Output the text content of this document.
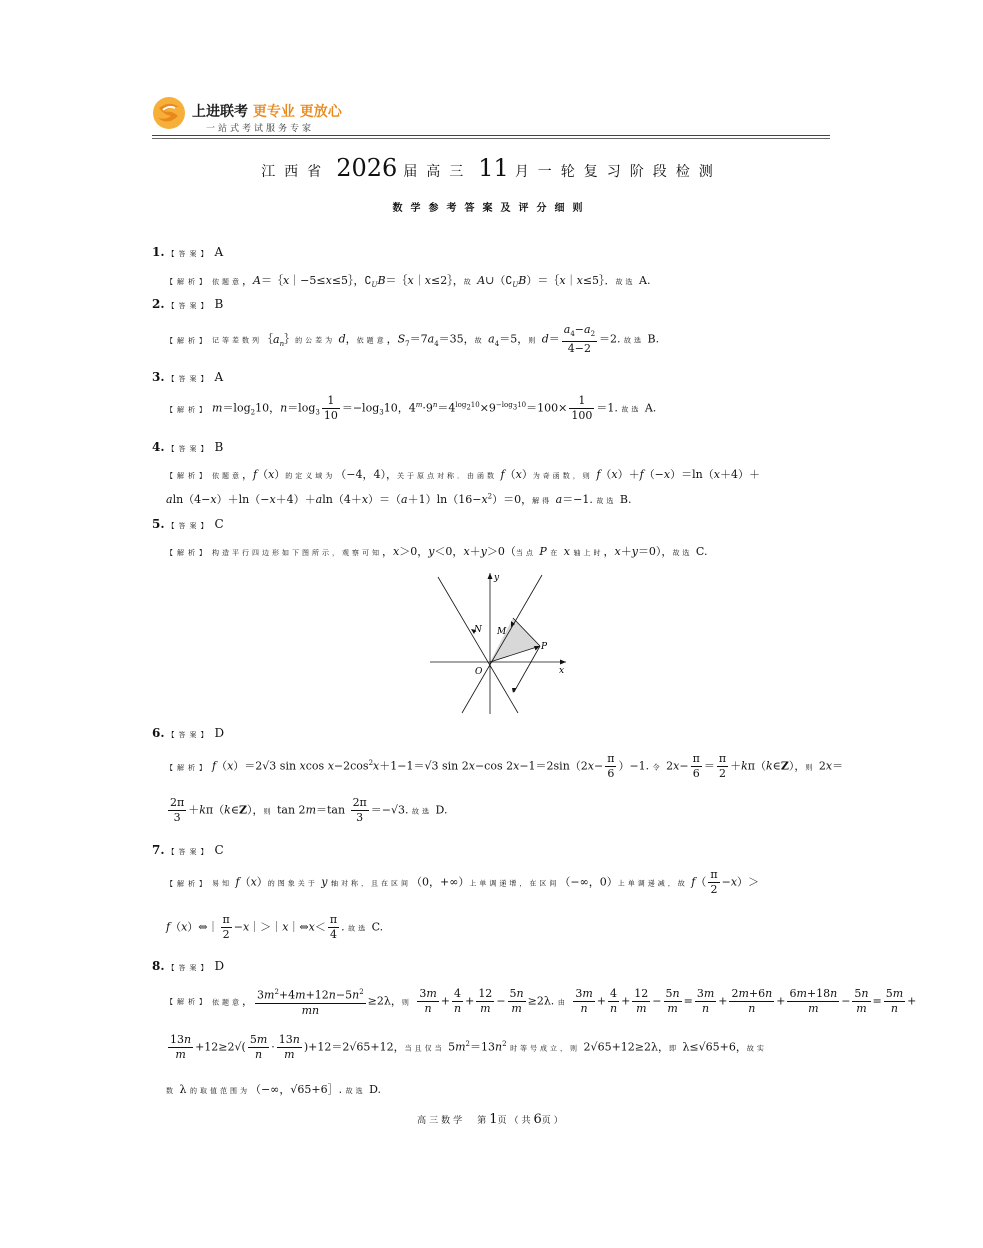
上进联考 更专业 更放心
一站式考试服务专家
江西省 2026 届高三 11 月一轮复习阶段检测
数学参考答案及评分细则
1. 【答案】 A
【解析】 依题意，A＝｛x｜−5≤x≤5｝，$∁_UB=\{x|x\le 2\}$，故 $A\cup(∁_UB)=\{x|x\le 5\}$．故选 A.
2. 【答案】 B
【解析】 记等差数列$\{a_n\}$的公差为 d，依题意，$S_7=7a_4=35$，故 $a_4=5$，则 $d= \frac{a_4-a_2}{4-2} =2$. 故选 B.
3. 【答案】 A
【解析】 $m=\log_210$，$n=\log_3 \frac{1}{10} =-\log_310$，$4^m\cdot 9^n=4^{log_210}\times 9^{-log_310}=100\times \frac{1}{100} =1$. 故选 A.
4. 【答案】 B
【解析】 依题意，f（x）的定义域为（−4，4），关于原点对称．由函数 f（x）为奇函数，则 f（x）＋f（−x）＝ln（x＋4）＋
$aln(4-x)+\ln(-x+4)+aln(4+x)=(a+1)\ln(16-x^2)=0$，解得 a＝−1. 故选 B.
5. 【答案】 C
【解析】 构造平行四边形如下图所示，观察可知，x＞0，y＜0，x＋y＞0（当点 P 在 x 轴上时，x＋y＝0），故选 C.
y
x
O
N M
P
6. 【答案】 D
【解析】 f（x）＝2√3 sin xcos $x-2\cos^2x+1-1=√3$ sin 2x−cos $2x-1=2\sin(2x- \frac{\pi}{6} )-1$. 令 $2x- \frac{\pi}{6} = \frac{\pi}{2}$ ＋kπ（k∈Z），则 2x＝
$\frac{2\pi}{3}$ ＋kπ（k∈Z），则 $\tan 2m=\tan \frac{2\pi}{3} =-√3$. 故选 D.
7. 【答案】 C
【解析】 易知 f（x）的图象关于 y 轴对称，且在区间（0，+∞）上单调递增，在区间（−∞，0）上单调递减，故 $f( \frac{\pi}{2} -x)>$
f（x）⇔｜ $\frac{\pi}{2}$ −x｜＞｜x｜⇔x＜ $\frac{\pi}{4}$ . 故选 C.
8. 【答案】 D
【解析】 依题意， $\frac{3m^2+4m+12n-5n^2}{mn} \ge 2\lambda$，则 $\frac{3m}{n} + \frac{4}{n} + \frac{12}{m} - \frac{5n}{m} \ge 2\lambda$. 由 $\frac{3m}{n} + \frac{4}{n} + \frac{12}{m} - \frac{5n}{m} = \frac{3m}{n} + \frac{2m+6n}{n} + \frac{6m+18n}{m} - \frac{5n}{m} = \frac{5m}{n}$ +
$\frac{13n}{m} +12\ge 2√( \frac{5m}{n} \cdot \frac{13n}{m} )+12=2√65+12$，当且仅当 $5m^2=13n^2$ 时等号成立，则 2√65+12≥2λ，即 λ≤√65+6，故实
数 λ 的取值范围为（−∞，√65+6］. 故选 D.
高三数学　 第1页（共6页）
